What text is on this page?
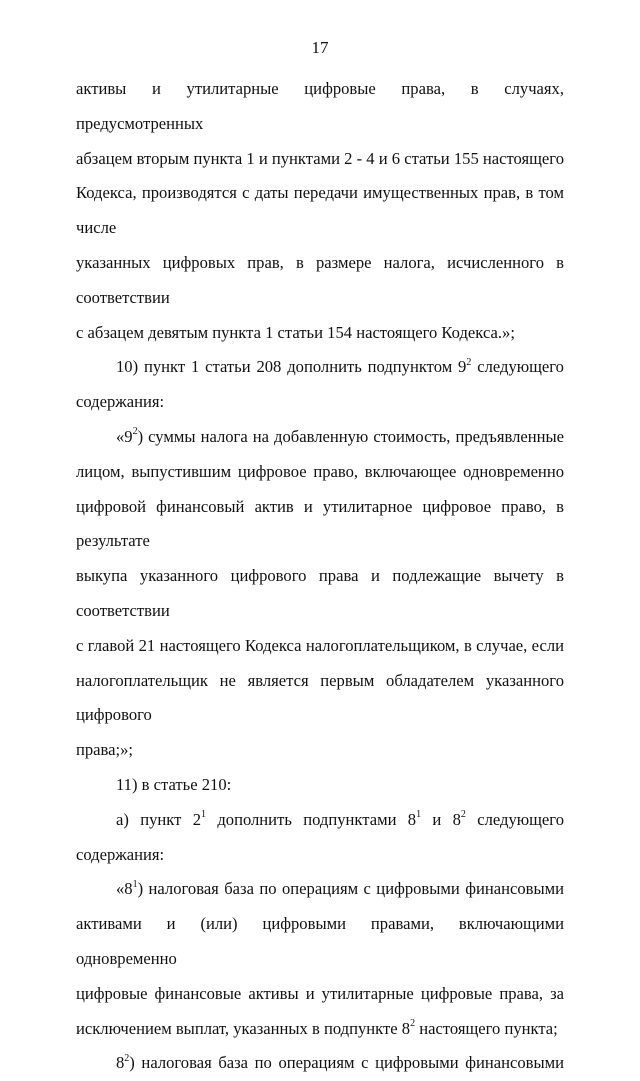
17
активы и утилитарные цифровые права, в случаях, предусмотренных
абзацем вторым пункта 1 и пунктами 2 - 4 и 6 статьи 155 настоящего
Кодекса, производятся с даты передачи имущественных прав, в том числе
указанных цифровых прав, в размере налога, исчисленного в соответствии
с абзацем девятым пункта 1 статьи 154 настоящего Кодекса.»;
10) пункт 1 статьи 208 дополнить подпунктом $9^2$ следующего
содержания:
«$9^2$) суммы налога на добавленную стоимость, предъявленные
лицом, выпустившим цифровое право, включающее одновременно
цифровой финансовый актив и утилитарное цифровое право, в результате
выкупа указанного цифрового права и подлежащие вычету в соответствии
с главой 21 настоящего Кодекса налогоплательщиком, в случае, если
налогоплательщик не является первым обладателем указанного цифрового
права;»;
11) в статье 210:
а) пункт $2^1$ дополнить подпунктами $8^1$ и $8^2$ следующего содержания:
«$8^1$) налоговая база по операциям с цифровыми финансовыми
активами и (или) цифровыми правами, включающими одновременно
цифровые финансовые активы и утилитарные цифровые права, за
исключением выплат, указанных в подпункте $8^2$ настоящего пункта;
$8^2$) налоговая база по операциям с цифровыми финансовыми
